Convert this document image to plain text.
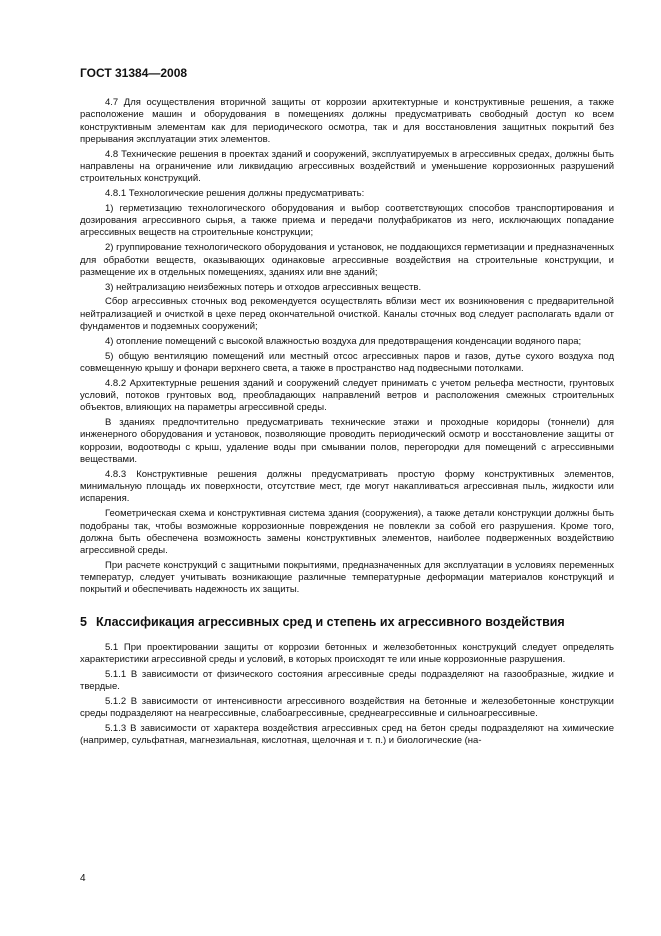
ГОСТ 31384—2008

4.7 Для осуществления вторичной защиты от коррозии архитектурные и конструктивные решения, а также расположение машин и оборудования в помещениях должны предусматривать свободный доступ ко всем конструктивным элементам как для периодического осмотра, так и для восстановления защитных покрытий без прерывания эксплуатации этих элементов.

4.8 Технические решения в проектах зданий и сооружений, эксплуатируемых в агрессивных средах, должны быть направлены на ограничение или ликвидацию агрессивных воздействий и уменьшение коррозионных разрушений строительных конструкций.

4.8.1 Технологические решения должны предусматривать:

1) герметизацию технологического оборудования и выбор соответствующих способов транспортирования и дозирования агрессивного сырья, а также приема и передачи полуфабрикатов из него, исключающих попадание агрессивных веществ на строительные конструкции;

2) группирование технологического оборудования и установок, не поддающихся герметизации и предназначенных для обработки веществ, оказывающих одинаковые агрессивные воздействия на строительные конструкции, и размещение их в отдельных помещениях, зданиях или вне зданий;

3) нейтрализацию неизбежных потерь и отходов агрессивных веществ.

Сбор агрессивных сточных вод рекомендуется осуществлять вблизи мест их возникновения с предварительной нейтрализацией и очисткой в цехе перед окончательной очисткой. Каналы сточных вод следует располагать вдали от фундаментов и подземных сооружений;

4) отопление помещений с высокой влажностью воздуха для предотвращения конденсации водяного пара;

5) общую вентиляцию помещений или местный отсос агрессивных паров и газов, дутье сухого воздуха под совмещенную крышу и фонари верхнего света, а также в пространство над подвесными потолками.

4.8.2 Архитектурные решения зданий и сооружений следует принимать с учетом рельефа местности, грунтовых условий, потоков грунтовых вод, преобладающих направлений ветров и расположения смежных строительных объектов, влияющих на параметры агрессивной среды.

В зданиях предпочтительно предусматривать технические этажи и проходные коридоры (тоннели) для инженерного оборудования и установок, позволяющие проводить периодический осмотр и восстановление защиты от коррозии, водоотводы с крыш, удаление воды при смывании полов, перегородки для помещений с агрессивными веществами.

4.8.3 Конструктивные решения должны предусматривать простую форму конструктивных элементов, минимальную площадь их поверхности, отсутствие мест, где могут накапливаться агрессивная пыль, жидкости или испарения.

Геометрическая схема и конструктивная система здания (сооружения), а также детали конструкции должны быть подобраны так, чтобы возможные коррозионные повреждения не повлекли за собой его разрушения. Кроме того, должна быть обеспечена возможность замены конструктивных элементов, наиболее подверженных воздействию агрессивной среды.

При расчете конструкций с защитными покрытиями, предназначенных для эксплуатации в условиях переменных температур, следует учитывать возникающие различные температурные деформации материалов конструкций и покрытий и обеспечивать надежность их защиты.

5 Классификация агрессивных сред и степень их агрессивного воздействия

5.1 При проектировании защиты от коррозии бетонных и железобетонных конструкций следует определять характеристики агрессивной среды и условий, в которых происходят те или иные коррозионные разрушения.

5.1.1 В зависимости от физического состояния агрессивные среды подразделяют на газообразные, жидкие и твердые.

5.1.2 В зависимости от интенсивности агрессивного воздействия на бетонные и железобетонные конструкции среды подразделяют на неагрессивные, слабоагрессивные, среднеагрессивные и сильноагрессивные.

5.1.3 В зависимости от характера воздействия агрессивных сред на бетон среды подразделяют на химические (например, сульфатная, магнезиальная, кислотная, щелочная и т. п.) и биологические (на-

4
